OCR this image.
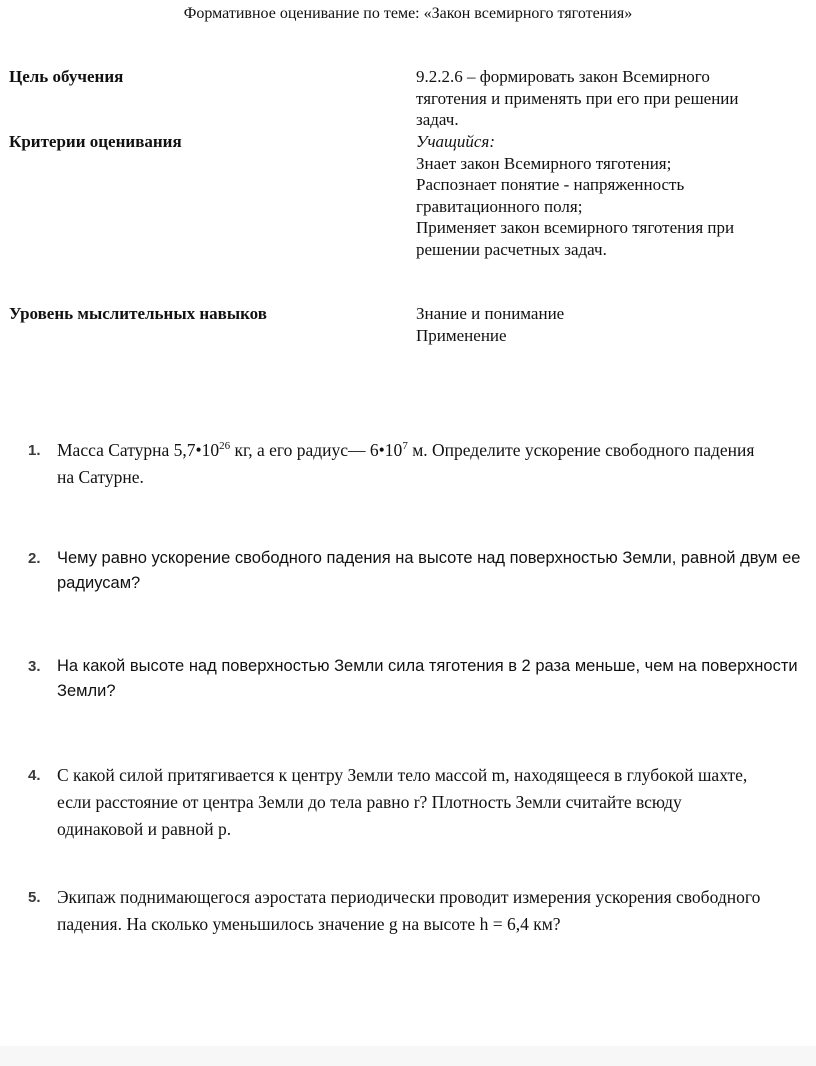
Формативное оценивание по теме: «Закон всемирного тяготения»
Цель обучения	9.2.2.6 – формировать закон Всемирного
тяготения и применять при его при решении
задач.
Критерии оценивания	Учащийся:
Знает закон Всемирного тяготения;
Распознает понятие - напряженность
гравитационного поля;
Применяет закон всемирного тяготения при
решении расчетных задач.
Уровень мыслительных навыков	Знание и понимание
Применение
1. Масса Сатурна $5,7•10^{26}$ кг, а его радиус— $6•10^7$ м. Определите ускорение свободного падения
на Сатурне.
2. Чему равно ускорение свободного падения на высоте над поверхностью Земли, равной двум ее
радиусам?
3. На какой высоте над поверхностью Земли сила тяготения в 2 раза меньше, чем на поверхности
Земли?
4. С какой силой притягивается к центру Земли тело массой m, находящееся в глубокой шахте,
если расстояние от центра Земли до тела равно r? Плотность Земли считайте всюду
одинаковой и равной р.
5. Экипаж поднимающегося аэростата периодически проводит измерения ускорения свободного
падения. На сколько уменьшилось значение g на высоте h = 6,4 км?
